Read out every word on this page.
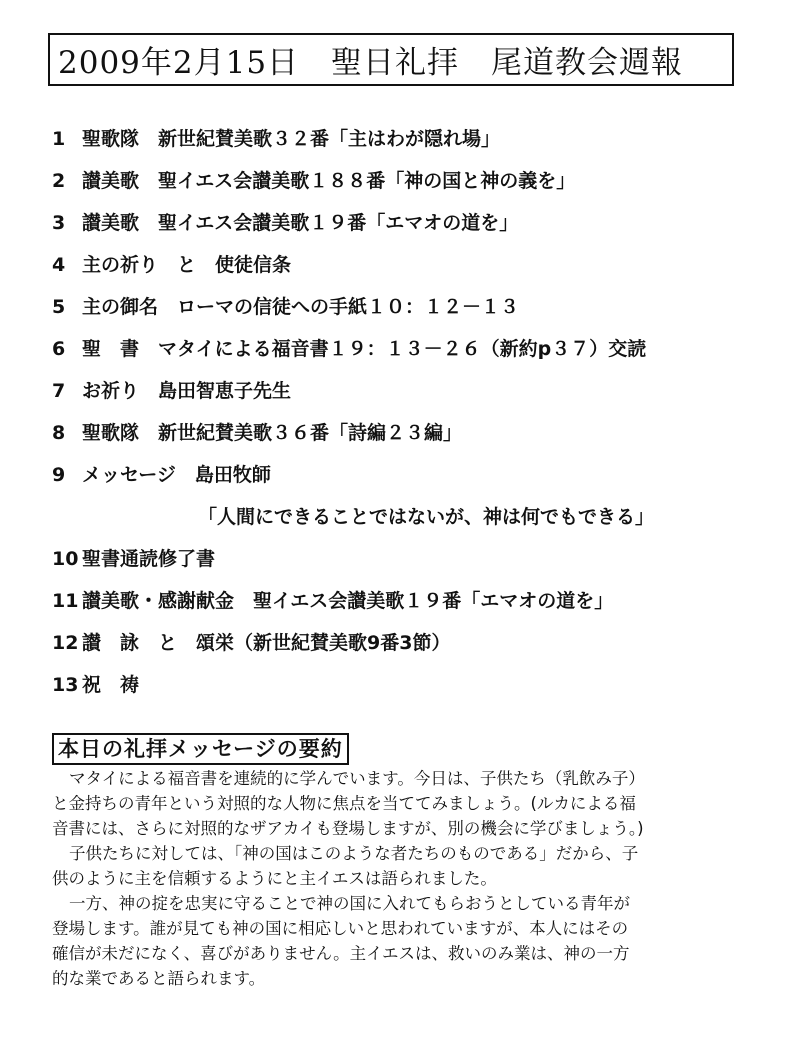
2009年2月15日　聖日礼拝　尾道教会週報
1 聖歌隊　新世紀賛美歌３２番「主はわが隠れ場」
2 讃美歌　聖イエス会讃美歌１８８番「神の国と神の義を」
3 讃美歌　聖イエス会讃美歌１９番「エマオの道を」
4 主の祈り　と　使徒信条
5 主の御名　ローマの信徒への手紙１０：１２－１３
6 聖　書　マタイによる福音書１９：１３－２６（新約p３７）交読
7 お祈り　島田智恵子先生
8 聖歌隊　新世紀賛美歌３６番「詩編２３編」
9 メッセージ　島田牧師
「人間にできることではないが、神は何でもできる」
10 聖書通読修了書
11 讃美歌・感謝献金　聖イエス会讃美歌１９番「エマオの道を」
12 讃　詠　と　頌栄（新世紀賛美歌9番3節）
13 祝　祷
本日の礼拝メッセージの要約

マタイによる福音書を連続的に学んでいます。今日は、子供たち（乳飲み子）
と金持ちの青年という対照的な人物に焦点を当ててみましょう。(ルカによる福
音書には、さらに対照的なザアカイも登場しますが、別の機会に学びましょう。)

子供たちに対しては、「神の国はこのような者たちのものである」だから、子
供のように主を信頼するようにと主イエスは語られました。

一方、神の掟を忠実に守ることで神の国に入れてもらおうとしている青年が
登場します。誰が見ても神の国に相応しいと思われていますが、本人にはその
確信が未だになく、喜びがありません。主イエスは、救いのみ業は、神の一方
的な業であると語られます。
